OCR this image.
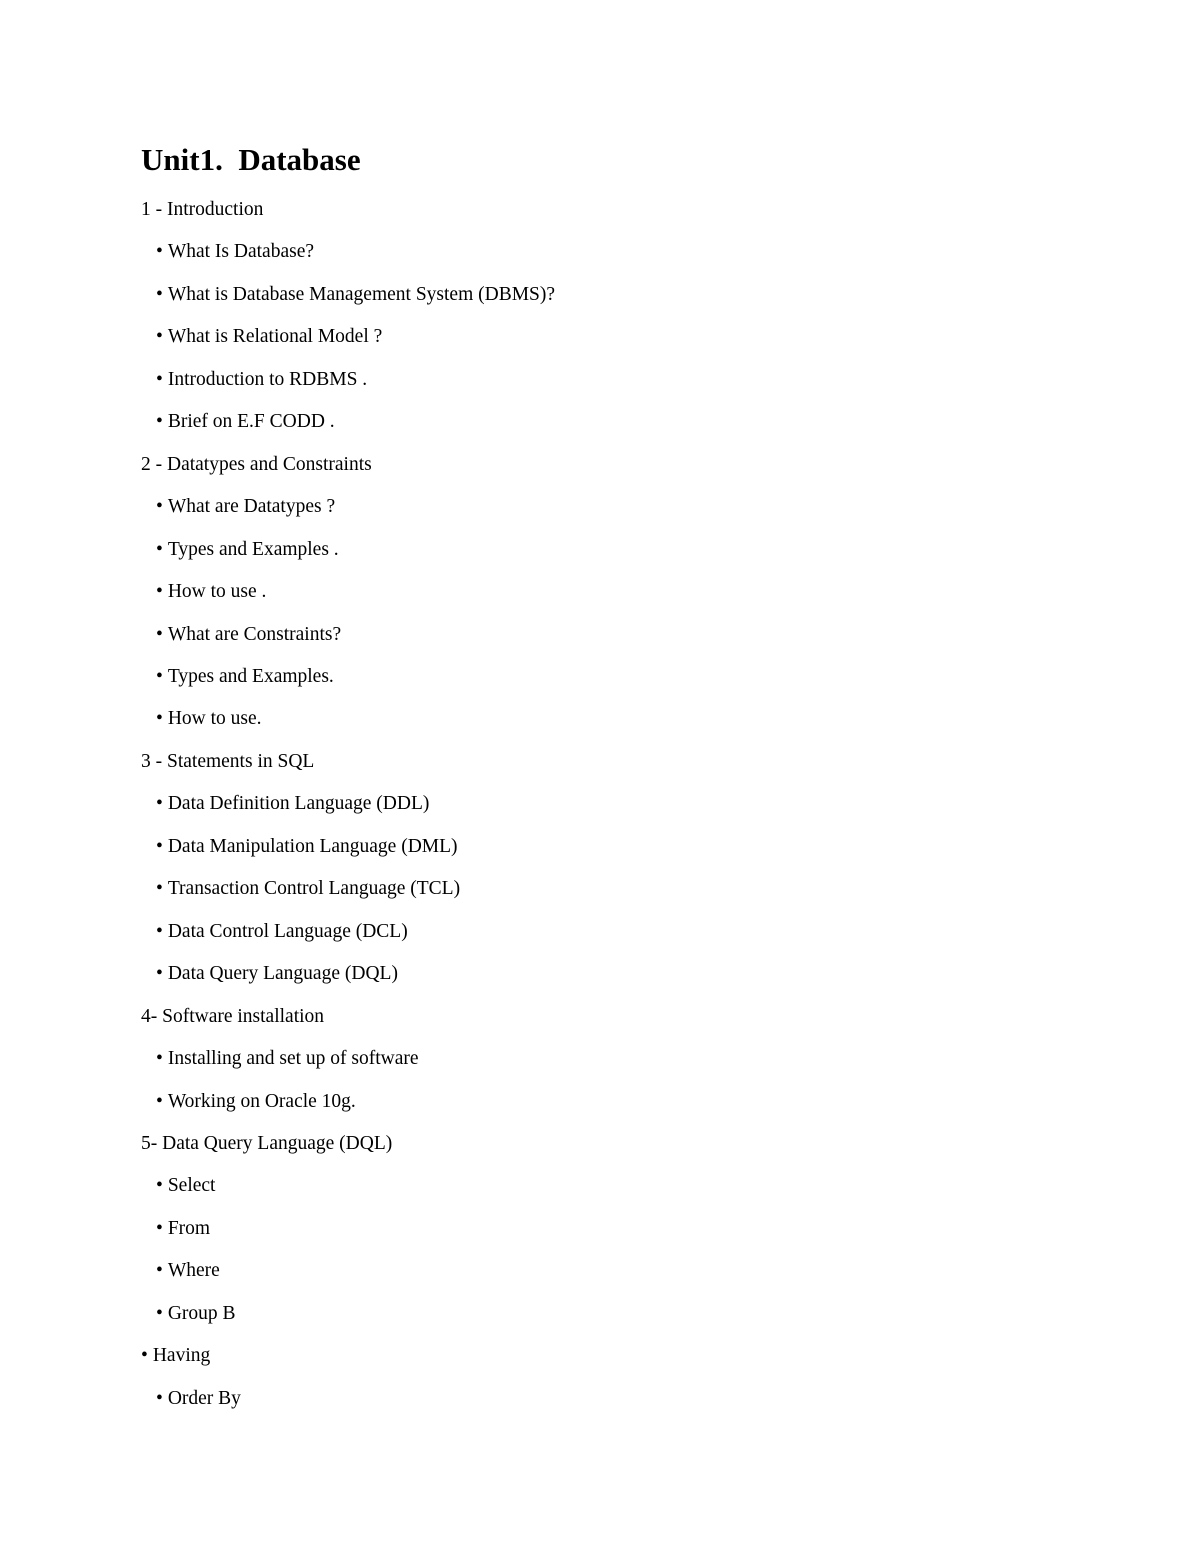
Unit1.  Database
1 - Introduction
• What Is Database?
• What is Database Management System (DBMS)?
• What is Relational Model ?
• Introduction to RDBMS .
• Brief on E.F CODD .
2 - Datatypes and Constraints
• What are Datatypes ?
• Types and Examples .
• How to use .
• What are Constraints?
• Types and Examples.
• How to use.
3 - Statements in SQL
• Data Definition Language (DDL)
• Data Manipulation Language (DML)
• Transaction Control Language (TCL)
• Data Control Language (DCL)
• Data Query Language (DQL)
4- Software installation
• Installing and set up of software
• Working on Oracle 10g.
5- Data Query Language (DQL)
• Select
• From
• Where
• Group B
• Having
• Order By
